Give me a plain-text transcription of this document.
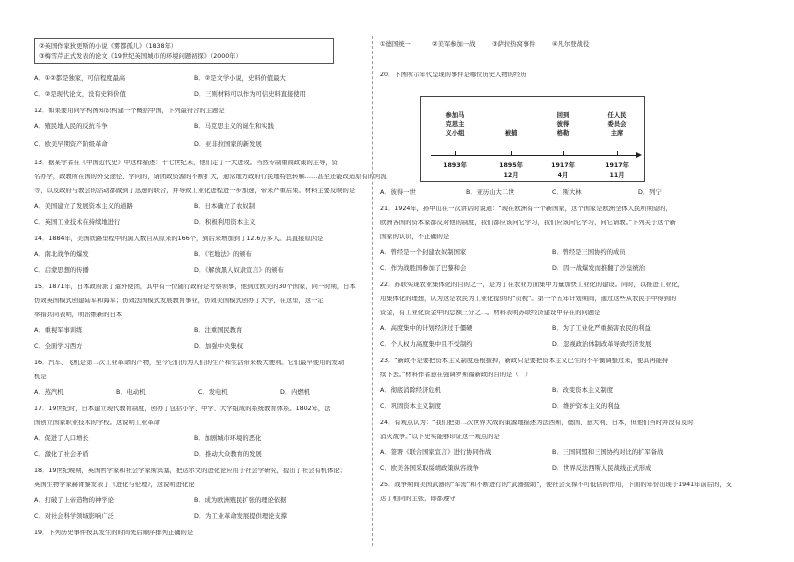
②英国作家狄更斯的小说《雾都孤儿》（1838年）
③梅雪芹正式发表的论文《19世纪英国城市的环境问题初探》（2000年）
A．①②都是独家，可信程度最高	B．②是文学小说，史料价值最大
C．②是现代论文，没有史料价值	D．三则材料可以作为可信史料直接使用
12．如果要用同学构图知识构建一个概括中国，下列最符合的主题是
A．殖民地人民的反抗斗争	B．马克思主义的诞生和实践
C．欧美早期资产阶级革命	D．亚非拉国家的新发展
13．据某学者在《中国近代史》中这样描述：十七世纪末，他们走了一大进攻。当然专制重商政策的主导，资
名办学，政教所在国的外交途径、学问的，请团政资源的不断扩大，通常地方政府行民地特色转解……甚至还能改造原有的河流
等，以及政府与教会的活动都做到了迅速的联合，并导致工业化进程进一步加速，带来严重后果。材料主要反映的是
A．美国建立了发展资本主义的道路	B．日本确立了农奴制
C．英国工业技术在持续地进行	D．积极利用资本主义
14．1884年，美国铁路里程中的黑人数目从原来的166个，到后来增加到了12.6万多人。其直接原因是
A．南北战争的爆发	B．《宅地法》的颁布
C．启蒙思想的传播	D．《解放黑人奴隶宣言》的颁布
15．1871年，日本政府派了遣外使团，其中有一位随行政府是考察领事，他到过欧美的30个国家，同一时期，日本
仿效英国模式创建陆军和海军；仿效法国模式发展教育事业，仿效美国模式创办了大学，在这里，这一定
举措共同表明，明治维新的日本
A．重视军事训练	B．注重国民教育
C．全面学习西方	D．加强中央集权
16．汽车、飞机是第二次工业革命的产物，至今它们仍为人们的生产和生活带来极大便利。它们最早使用的发动
机是
A．蒸汽机	B．电动机	C．发电机	D．内燃机
17．19世纪时，日本建立现代教育制度，创办了包括小学、中学、大学组成的系统教育体系。1802年，法
国创立国家职业技术的学校。这说明工业革命
A．促进了人口增长	B．加剧城市环境的恶化
C．激化了社会矛盾	D．推动大众教育的发展
18．19世纪晚期，英国哲学家和社会学家斯宾塞，把达尔文的进化论应用于社会学研究，提出了社会有机体论；
英国生物学家赫胥黎发表了《进化与伦理》，这说明进化论
A．打破了上帝造物的神学论	B．成为欧洲殖民扩张的理论依据
C．对社会科学领域影响广泛	D．为工业革命发展提供理论支撑
19．下列历史事件按其发生的时间先后顺序排列正确的是
①德国统一	②美军参加一战	③萨拉热窝事件	④凡尔登战役
20．下图所示年代呈现的事件是哪位历史人物的经历
参加马
克思主
义小组	被捕
回到
彼得
格勒
任人民
委员会
主席
1893年	1895年
12月
1917年
4月
1917年
11月
A．彼得一世	B．亚历山大二世	C．斯大林	D．列宁
21．1924年，孙中山在一次讲话时说道：“现在欧洲有一个新国家，这个国家是欧洲全体人民所期望的，
欧洲各国的资本家都反对他的制度，我们都应该向它学习，我们应该向它学习，向它请教。”下列关于这个新
国家的认识，不正确的是
A．曾经是一个封建农奴制国家	B．曾经是三国协约的成员
C．作为战胜国参加了巴黎和会	D．因一战爆发而推翻了沙皇统治
22．苏联实现农业集体化的目的之一，是为了在农业方面集中力量加快工业化的建设。同时，以推进工业化，
用集体化的理想，认为这是农民为工业化提供的“贡税”。第一个五年计划期间，通过这些从农民手中得到的
资金，有工业化资金中的总额三分之二。材料表明苏联经济建设中存在的问题是
A．高度集中的计划经济过于僵硬	B．为了工业化严重损害农民的利益
C．个人权力高度集中且不受制约	D．忽视政治体制改革导致经济发展
23．“新政不是要把资本主义制度连根拔掉，新政只是要把资本主义已生的不平衡调整过来，使其再能持
续下去。”材料作者意在强调罗斯福新政的目的是（　）
A．彻底消除经济危机	B．改变资本主义制度
C．巩固资本主义制度	D．维护资本主义的利益
24．有观点认为：“我们把第二次世界大战的策源地描述为法西斯，德国、意大利、日本，但他们当时并没有及时
消灭战争。”以下史实能够印证这一观点的是
A．签署《联合国家宣言》进行协同作战	B．三国同盟和三国协约对比的扩军备战
C．欧美各国采取绥靖政策纵容战争	D．世界反法西斯人民战线正式形成
25．战争期间美国武器的“军需”和不断进行的“武器援助”，使社会支撑不可低估的作用，下面的年份出现于1941年前后的，支
达了相同的主张，即都遵守
